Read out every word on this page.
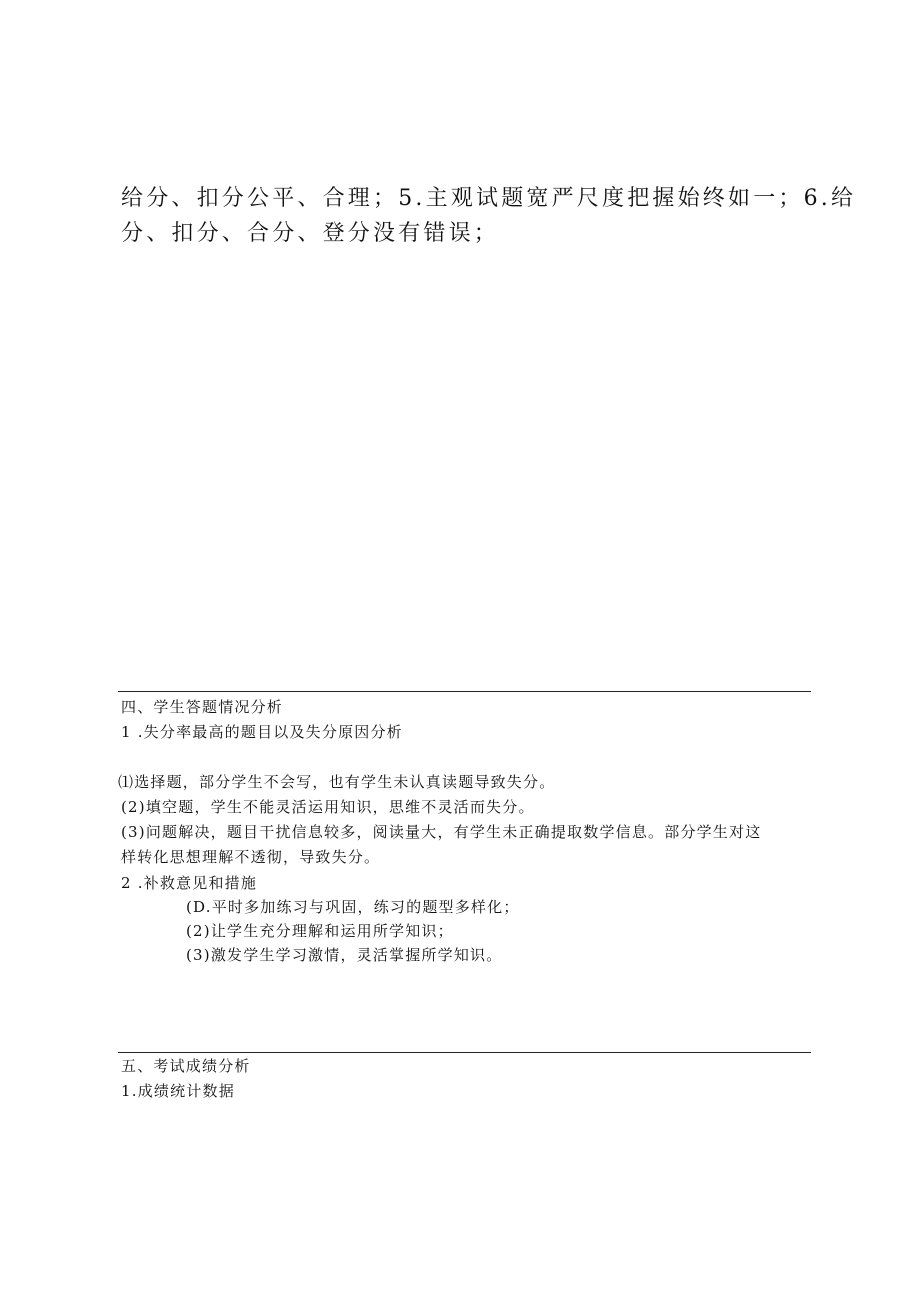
给分、扣分公平、合理；5.主观试题宽严尺度把握始终如一；6.给
分、扣分、合分、登分没有错误；
四、学生答题情况分析
1 .失分率最高的题目以及失分原因分析
⑴选择题，部分学生不会写，也有学生未认真读题导致失分。
(2)填空题，学生不能灵活运用知识，思维不灵活而失分。
(3)问题解决，题目干扰信息较多，阅读量大，有学生未正确提取数学信息。部分学生对这
样转化思想理解不透彻，导致失分。
2 .补救意见和措施
(D.平时多加练习与巩固，练习的题型多样化；
(2)让学生充分理解和运用所学知识；
(3)激发学生学习激情，灵活掌握所学知识。
五、考试成绩分析
1.成绩统计数据
